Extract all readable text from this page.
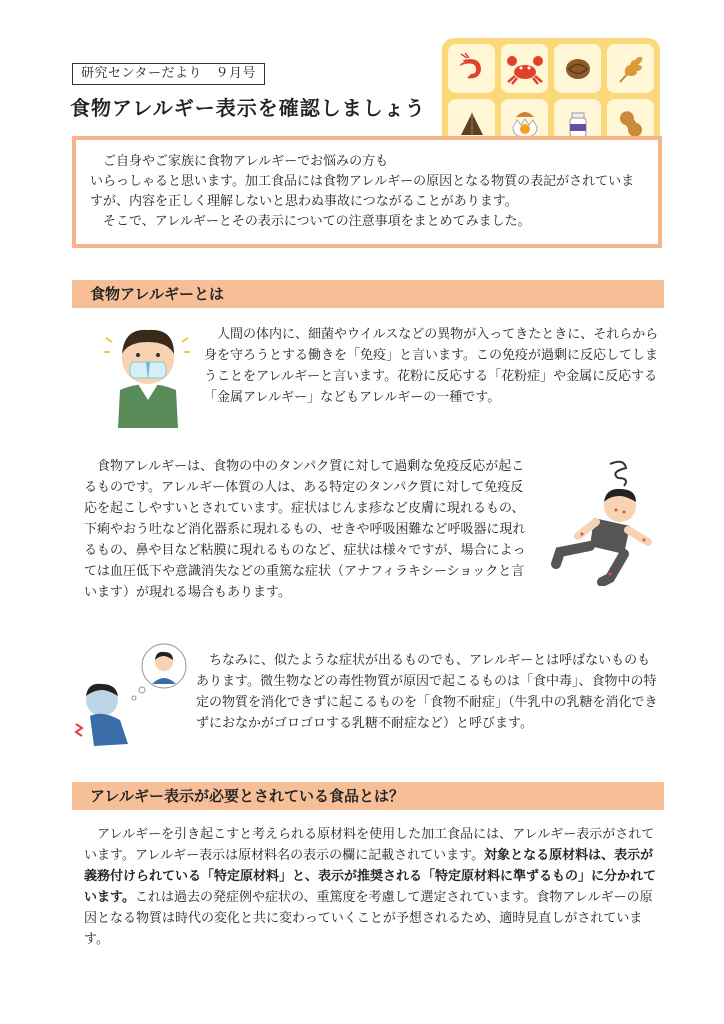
研究センターだより　９月号
食物アレルギー表示を確認しましょう

ご自身やご家族に食物アレルギーでお悩みの方も

いらっしゃると思います。加工食品には食物アレルギーの原因となる物質の表記がされていますが、内容を正しく理解しないと思わぬ事故につながることがあります。

そこで、アレルギーとその表示についての注意事項をまとめてみました。

食物アレルギーとは

人間の体内に、細菌やウイルスなどの異物が入ってきたときに、それらから身を守ろうとする働きを「免疫」と言います。この免疫が過剰に反応してしまうことをアレルギーと言います。花粉に反応する「花粉症」や金属に反応する「金属アレルギー」などもアレルギーの一種です。

食物アレルギーは、食物の中のタンパク質に対して過剰な免疫反応が起こるものです。アレルギー体質の人は、ある特定のタンパク質に対して免疫反応を起こしやすいとされています。症状はじんま疹など皮膚に現れるもの、下痢やおう吐など消化器系に現れるもの、せきや呼吸困難など呼吸器に現れるもの、鼻や目など粘膜に現れるものなど、症状は様々ですが、場合によっては血圧低下や意識消失などの重篤な症状（アナフィラキシーショックと言います）が現れる場合もあります。

ちなみに、似たような症状が出るものでも、アレルギーとは呼ばないものもあります。微生物などの毒性物質が原因で起こるものは「食中毒」、食物中の特定の物質を消化できずに起こるものを「食物不耐症」（牛乳中の乳糖を消化できずにおなかがゴロゴロする乳糖不耐症など）と呼びます。

アレルギー表示が必要とされている食品とは？

アレルギーを引き起こすと考えられる原材料を使用した加工食品には、アレルギー表示がされています。アレルギー表示は原材料名の表示の欄に記載されています。対象となる原材料は、表示が義務付けられている「特定原材料」と、表示が推奨される「特定原材料に準ずるもの」に分かれています。これは過去の発症例や症状の、重篤度を考慮して選定されています。食物アレルギーの原因となる物質は時代の変化と共に変わっていくことが予想されるため、適時見直しがされています。
